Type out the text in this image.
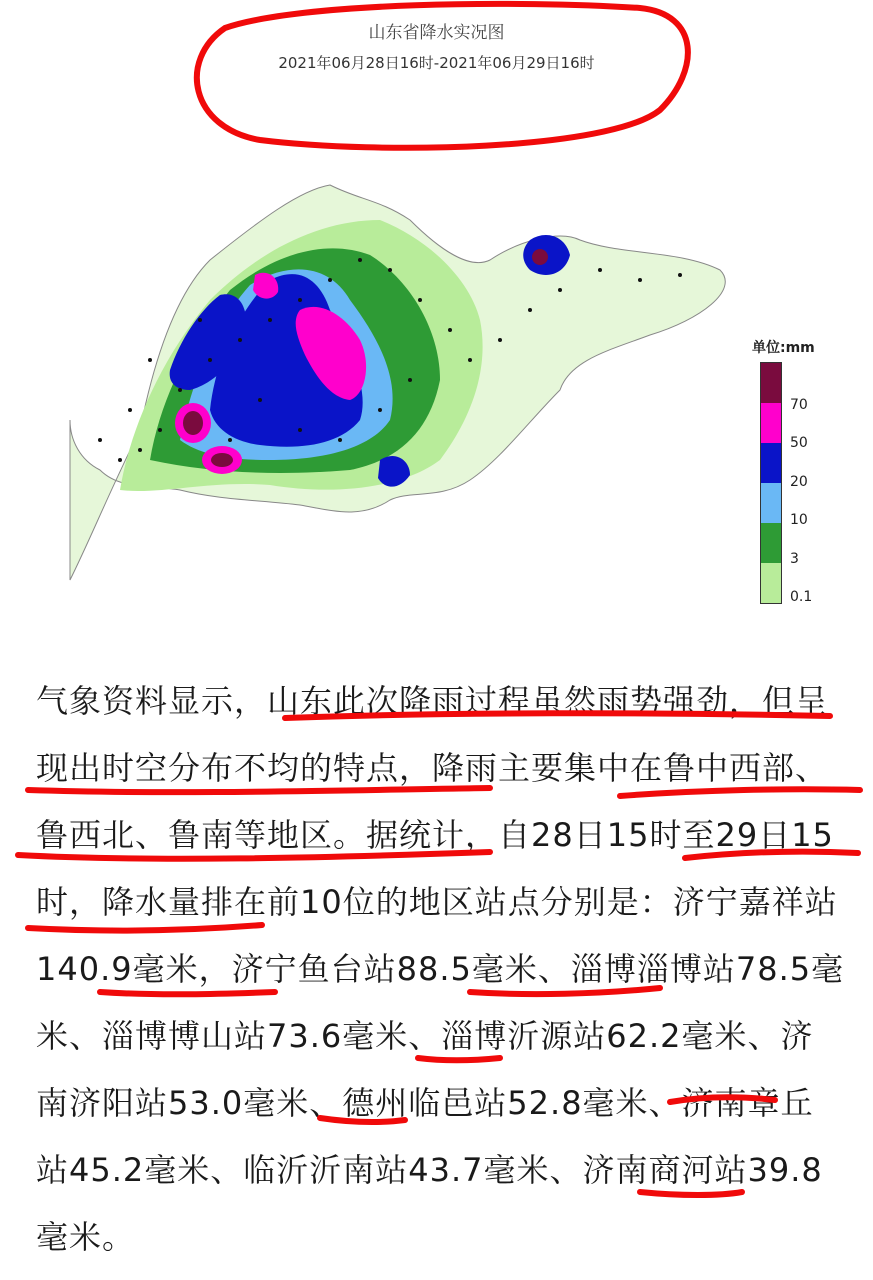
山东省降水实况图
2021年06月28日16时-2021年06月29日16时
单位:mm
70
50
20
10
3
0.1
气象资料显示，山东此次降雨过程虽然雨势强劲，但呈现出时空分布不均的特点，降雨主要集中在鲁中西部、鲁西北、鲁南等地区。据统计，自28日15时至29日15时，降水量排在前10位的地区站点分别是：济宁嘉祥站140.9毫米，济宁鱼台站88.5毫米、淄博淄博站78.5毫米、淄博博山站73.6毫米、淄博沂源站62.2毫米、济南济阳站53.0毫米、德州临邑站52.8毫米、济南章丘站45.2毫米、临沂沂南站43.7毫米、济南商河站39.8毫米。
